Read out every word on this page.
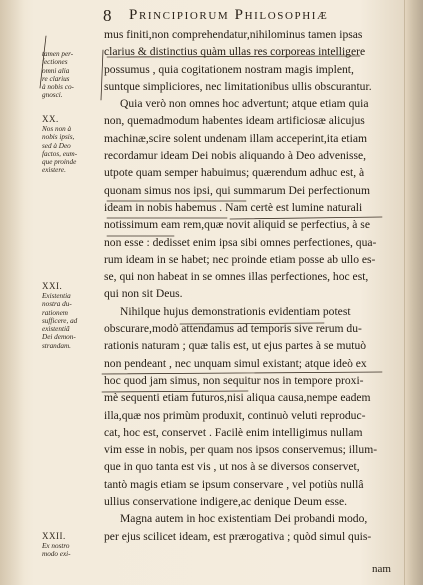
8 Principiorum Philosophiæ
tamen per-
fectiones
omni alia
re clarius
à nobis co-
gnosci.
XX.
Nos non à
nobis ipsis,
sed à Deo
factos, eum-
que proinde
existere.
XXI.
Existentia
nostra du-
rationem
sufficere, ad
existentiã
Dei demon-
strandam.
XXII.
Ex nostro
modo exi-
mus finiti,non comprehendatur,nihilominus tamen ipsas
clarius & distinctius quàm ullas res corporeas intelligere
possumus , quia cogitationem nostram magis implent,
suntque simpliciores, nec limitationibus ullis obscurantur.
Quia verò non omnes hoc advertunt; atque etiam quia
non, quemadmodum habentes ideam artificiosæ alicujus
machinæ,scire solent undenam illam acceperint,ita etiam
recordamur ideam Dei nobis aliquando à Deo advenisse,
utpote quam semper habuimus; quærendum adhuc est, à
quonam simus nos ipsi, qui summarum Dei perfectionum
ideam in nobis habemus . Nam certè est lumine naturali
notissimum eam rem,quæ novit aliquid se perfectius, à se
non esse : dedisset enim ipsa sibi omnes perfectiones, qua-
rum ideam in se habet; nec proinde etiam posse ab ullo es-
se, qui non habeat in se omnes illas perfectiones, hoc est,
qui non sit Deus.
Nihilque hujus demonstrationis evidentiam potest
obscurare,modò attendamus ad temporis sive rerum du-
rationis naturam ; quæ talis est, ut ejus partes à se mutuò
non pendeant , nec unquam simul existant; atque ideò ex
hoc quod jam simus, non sequitur nos in tempore proxi-
mè sequenti etiam futuros,nisi aliqua causa,nempe eadem
illa,quæ nos primùm produxit, continuò veluti reproduc-
cat, hoc est, conservet . Facilè enim intelligimus nullam
vim esse in nobis, per quam nos ipsos conservemus; illum-
que in quo tanta est vis , ut nos à se diversos conservet,
tantò magis etiam se ipsum conservare , vel potiùs nullâ
ullius conservatione indigere,ac denique Deum esse.
Magna autem in hoc existentiam Dei probandi modo,
per ejus scilicet ideam, est prærogativa ; quòd simul quis-
nam
